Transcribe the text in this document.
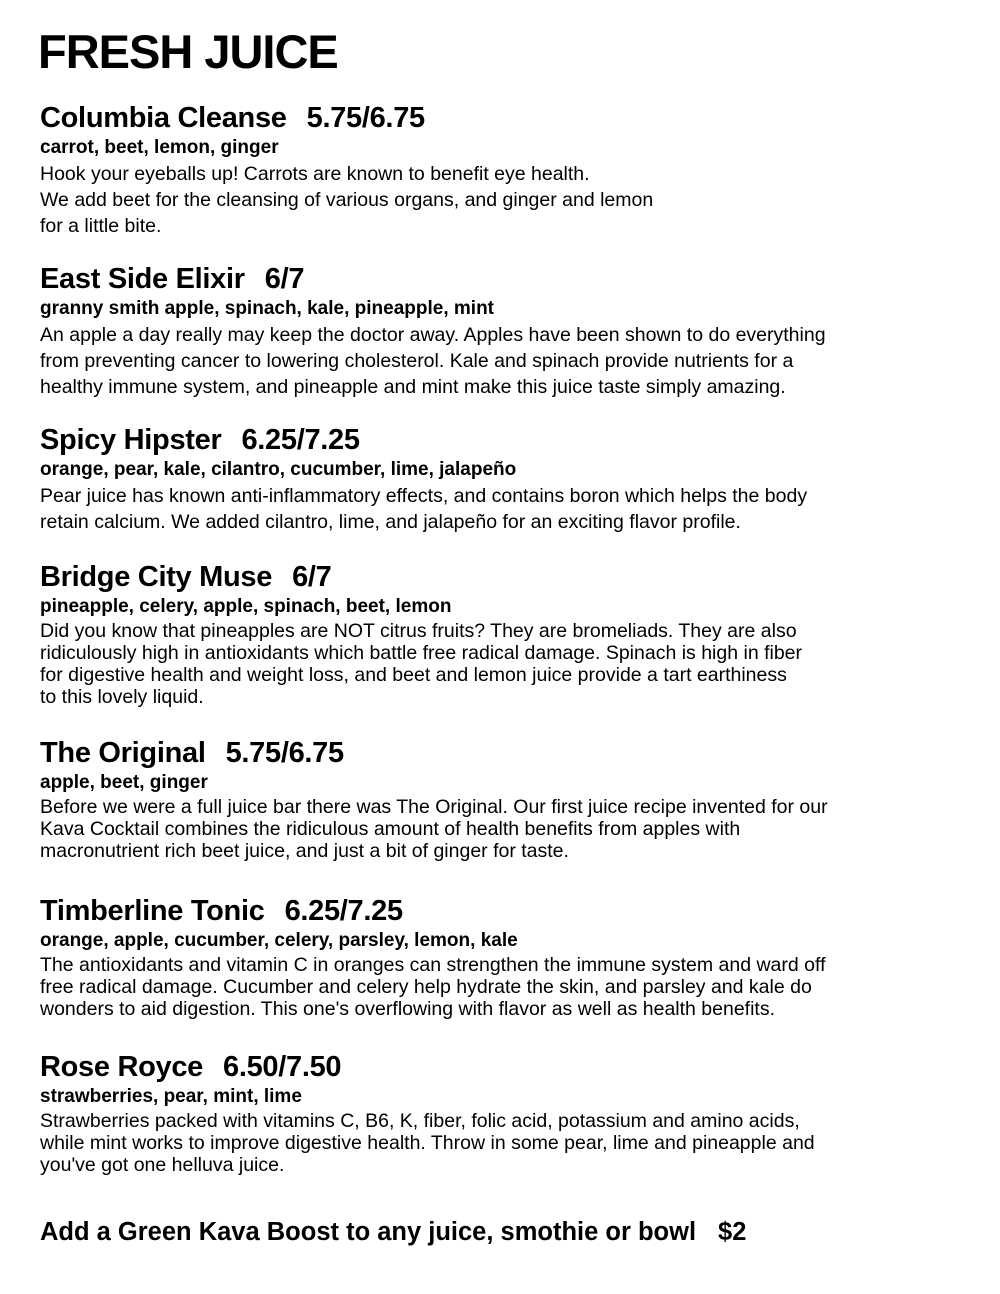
FRESH JUICE
Columbia Cleanse 5.75/6.75

carrot, beet, lemon, ginger

Hook your eyeballs up! Carrots are known to benefit eye health.
We add beet for the cleansing of various organs, and ginger and lemon
for a little bite.

East Side Elixir 6/7

granny smith apple, spinach, kale, pineapple, mint

An apple a day really may keep the doctor away. Apples have been shown to do everything
from preventing cancer to lowering cholesterol. Kale and spinach provide nutrients for a
healthy immune system, and pineapple and mint make this juice taste simply amazing.

Spicy Hipster 6.25/7.25

orange, pear, kale, cilantro, cucumber, lime, jalapeño

Pear juice has known anti-inflammatory effects, and contains boron which helps the body
retain calcium. We added cilantro, lime, and jalapeño for an exciting flavor profile.

Bridge City Muse 6/7

pineapple, celery, apple, spinach, beet, lemon

Did you know that pineapples are NOT citrus fruits? They are bromeliads. They are also
ridiculously high in antioxidants which battle free radical damage. Spinach is high in fiber
for digestive health and weight loss, and beet and lemon juice provide a tart earthiness
to this lovely liquid.

The Original 5.75/6.75

apple, beet, ginger

Before we were a full juice bar there was The Original. Our first juice recipe invented for our
Kava Cocktail combines the ridiculous amount of health benefits from apples with
macronutrient rich beet juice, and just a bit of ginger for taste.

Timberline Tonic 6.25/7.25

orange, apple, cucumber, celery, parsley, lemon, kale

The antioxidants and vitamin C in oranges can strengthen the immune system and ward off
free radical damage. Cucumber and celery help hydrate the skin, and parsley and kale do
wonders to aid digestion. This one's overflowing with flavor as well as health benefits.

Rose Royce 6.50/7.50

strawberries, pear, mint, lime

Strawberries packed with vitamins C, B6, K, fiber, folic acid, potassium and amino acids,
while mint works to improve digestive health. Throw in some pear, lime and pineapple and
you've got one helluva juice.

Add a Green Kava Boost to any juice, smothie or bowl $2
